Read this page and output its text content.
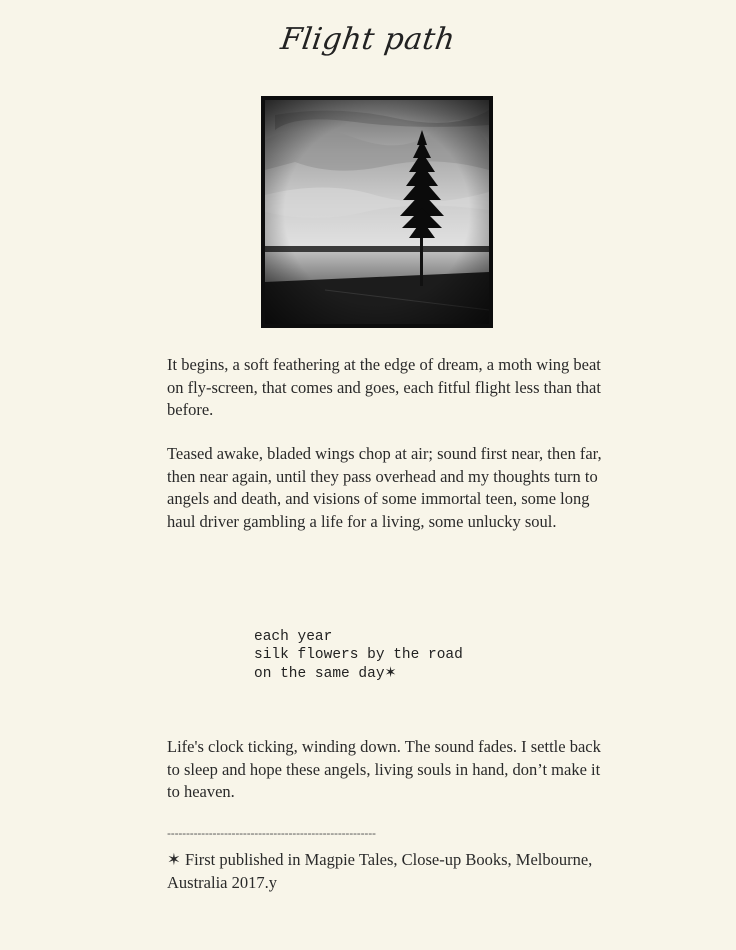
Flight path

It begins, a soft feathering at the edge of dream, a moth wing beat on fly-screen, that comes and goes, each fitful flight less than that before.

Teased awake, bladed wings chop at air; sound first near, then far, then near again, until they pass overhead and my thoughts turn to angels and death, and visions of some immortal teen, some long haul driver gambling a life for a living, some unlucky soul.

each year
silk flowers by the road
on the same day✶

Life's clock ticking, winding down. The sound fades. I settle back to sleep and hope these angels, living souls in hand, don’t make it to heaven.

-------------------------------------------------------

✶ First published in Magpie Tales, Close-up Books, Melbourne, Australia 2017.y
